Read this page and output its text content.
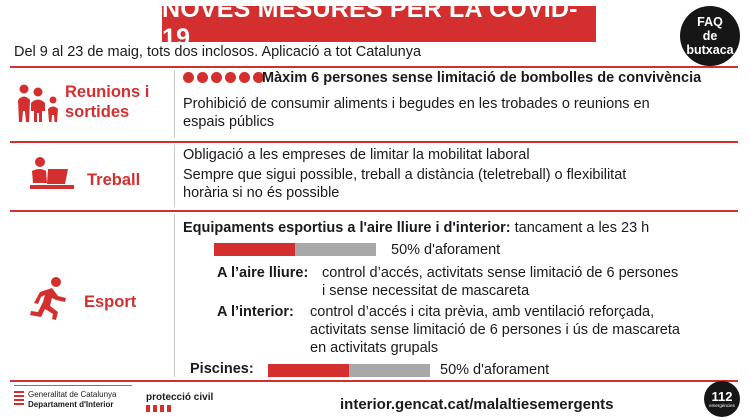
NOVES MESURES PER LA COVID-19
FAQ
de
butxaca
Del 9 al 23 de maig, tots dos inclosos. Aplicació a tot Catalunya
Reunions i
sortides
Màxim 6 persones sense limitació de bombolles de convivència
Prohibició de consumir aliments i begudes en les trobades o reunions en
espais públics
Treball
Obligació a les empreses de limitar la mobilitat laboral
Sempre que sigui possible, treball a distància (teletreball) o flexibilitat
horària si no és possible
Esport
Equipaments esportius a l'aire lliure i d'interior: tancament a les 23 h
50% d'aforament
A l’aire lliure: control d’accés, activitats sense limitació de 6 persones
i sense necessitat de mascareta
A l’interior: control d’accés i cita prèvia, amb ventilació reforçada,
activitats sense limitació de 6 persones i ús de mascareta
en activitats grupals
Piscines:	50% d'aforament
Generalitat de Catalunya
Departament d'Interior
protecció civil	interior.gencat.cat/malaltiesemergents	112
emergències
